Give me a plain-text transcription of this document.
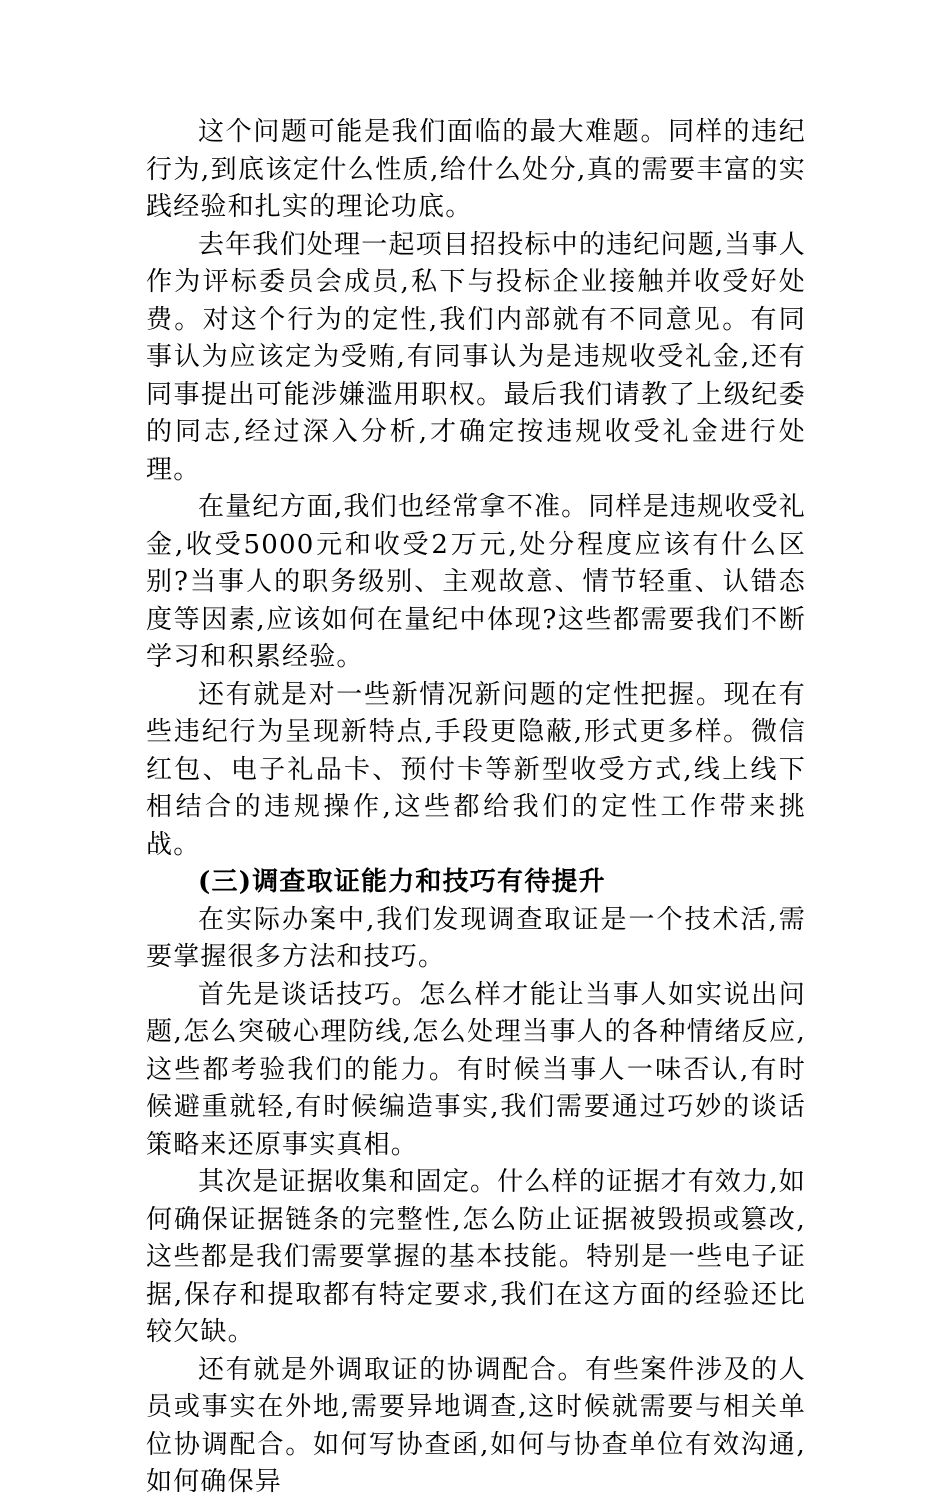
这个问题可能是我们面临的最大难题。同样的违纪行为,到底该定什么性质,给什么处分,真的需要丰富的实践经验和扎实的理论功底。

去年我们处理一起项目招投标中的违纪问题,当事人作为评标委员会成员,私下与投标企业接触并收受好处费。对这个行为的定性,我们内部就有不同意见。有同事认为应该定为受贿,有同事认为是违规收受礼金,还有同事提出可能涉嫌滥用职权。最后我们请教了上级纪委的同志,经过深入分析,才确定按违规收受礼金进行处理。

在量纪方面,我们也经常拿不准。同样是违规收受礼金,收受5000元和收受2万元,处分程度应该有什么区别?当事人的职务级别、主观故意、情节轻重、认错态度等因素,应该如何在量纪中体现?这些都需要我们不断学习和积累经验。

还有就是对一些新情况新问题的定性把握。现在有些违纪行为呈现新特点,手段更隐蔽,形式更多样。微信红包、电子礼品卡、预付卡等新型收受方式,线上线下相结合的违规操作,这些都给我们的定性工作带来挑战。

(三)调查取证能力和技巧有待提升

在实际办案中,我们发现调查取证是一个技术活,需要掌握很多方法和技巧。

首先是谈话技巧。怎么样才能让当事人如实说出问题,怎么突破心理防线,怎么处理当事人的各种情绪反应,这些都考验我们的能力。有时候当事人一味否认,有时候避重就轻,有时候编造事实,我们需要通过巧妙的谈话策略来还原事实真相。

其次是证据收集和固定。什么样的证据才有效力,如何确保证据链条的完整性,怎么防止证据被毁损或篡改,这些都是我们需要掌握的基本技能。特别是一些电子证据,保存和提取都有特定要求,我们在这方面的经验还比较欠缺。

还有就是外调取证的协调配合。有些案件涉及的人员或事实在外地,需要异地调查,这时候就需要与相关单位协调配合。如何写协查函,如何与协查单位有效沟通,如何确保异
